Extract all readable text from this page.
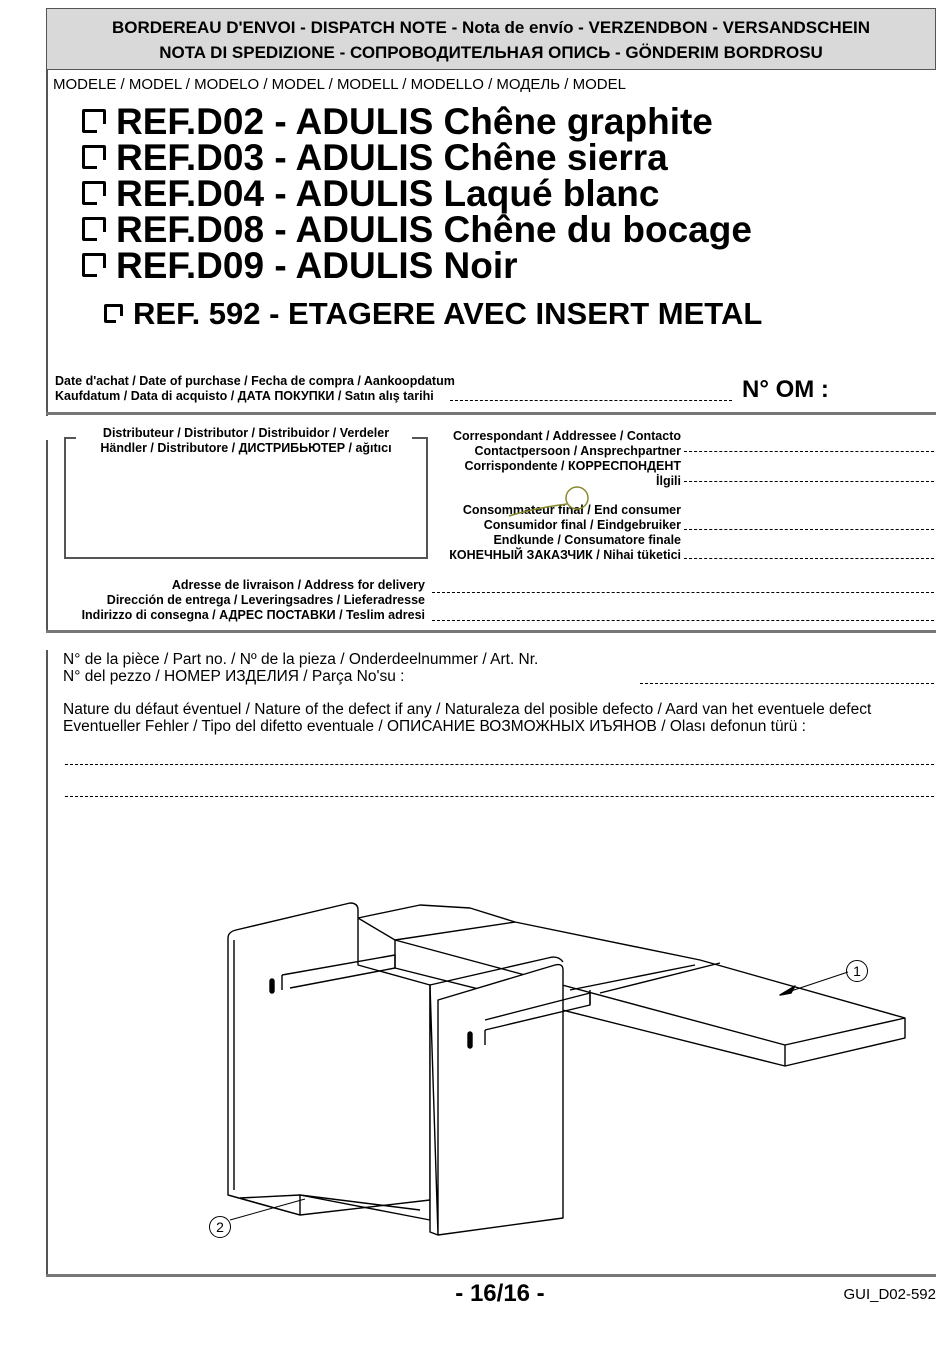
BORDEREAU D'ENVOI - DISPATCH NOTE - Nota de envío - VERZENDBON - VERSANDSCHEIN
NOTA DI SPEDIZIONE - СОПРОВОДИТЕЛЬНАЯ ОПИСЬ - GÖNDERIM BORDROSU
MODELE / MODEL / MODELO / MODEL / MODELL / MODELLO / МОДЕЛЬ / MODEL
REF.D02 - ADULIS Chêne graphite
REF.D03 - ADULIS Chêne sierra
REF.D04 - ADULIS Laqué blanc
REF.D08 - ADULIS Chêne du bocage
REF.D09 - ADULIS Noir
REF. 592 - ETAGERE AVEC INSERT METAL
Date d'achat / Date of purchase / Fecha de compra / Aankoopdatum
Kaufdatum / Data di acquisto / ДАТА ПОКУПКИ / Satın alış tarihi	N° OM :
Distributeur / Distributor / Distribuidor / Verdeler
Händler / Distributore / ДИСТРИБЬЮТЕР / ağıtıcı
Correspondant / Addressee / Contacto
Contactpersoon / Ansprechpartner
Corrispondente / КОРРЕСПОНДЕНТ
İlgili
Consommateur final / End consumer
Consumidor final / Eindgebruiker
Endkunde / Consumatore finale
КОНЕЧНЫЙ ЗАКАЗЧИК / Nihai tüketici
Adresse de livraison / Address for delivery
Dirección de entrega / Leveringsadres / Lieferadresse
Indirizzo di consegna / АДРЕС ПОСТАВКИ / Teslim adresi
N° de la pièce / Part no. / Nº de la pieza / Onderdeelnummer / Art. Nr.
N° del pezzo / НОМЕР ИЗДЕЛИЯ / Parça No'su :
Nature du défaut éventuel / Nature of the defect if any / Naturaleza del posible defecto / Aard van het eventuele defect
Eventueller Fehler / Tipo del difetto eventuale / ОПИСАНИЕ ВОЗМОЖНЫХ ИЪЯНОВ / Olası defonun türü :
1
2
- 16/16 -	GUI_D02-592
